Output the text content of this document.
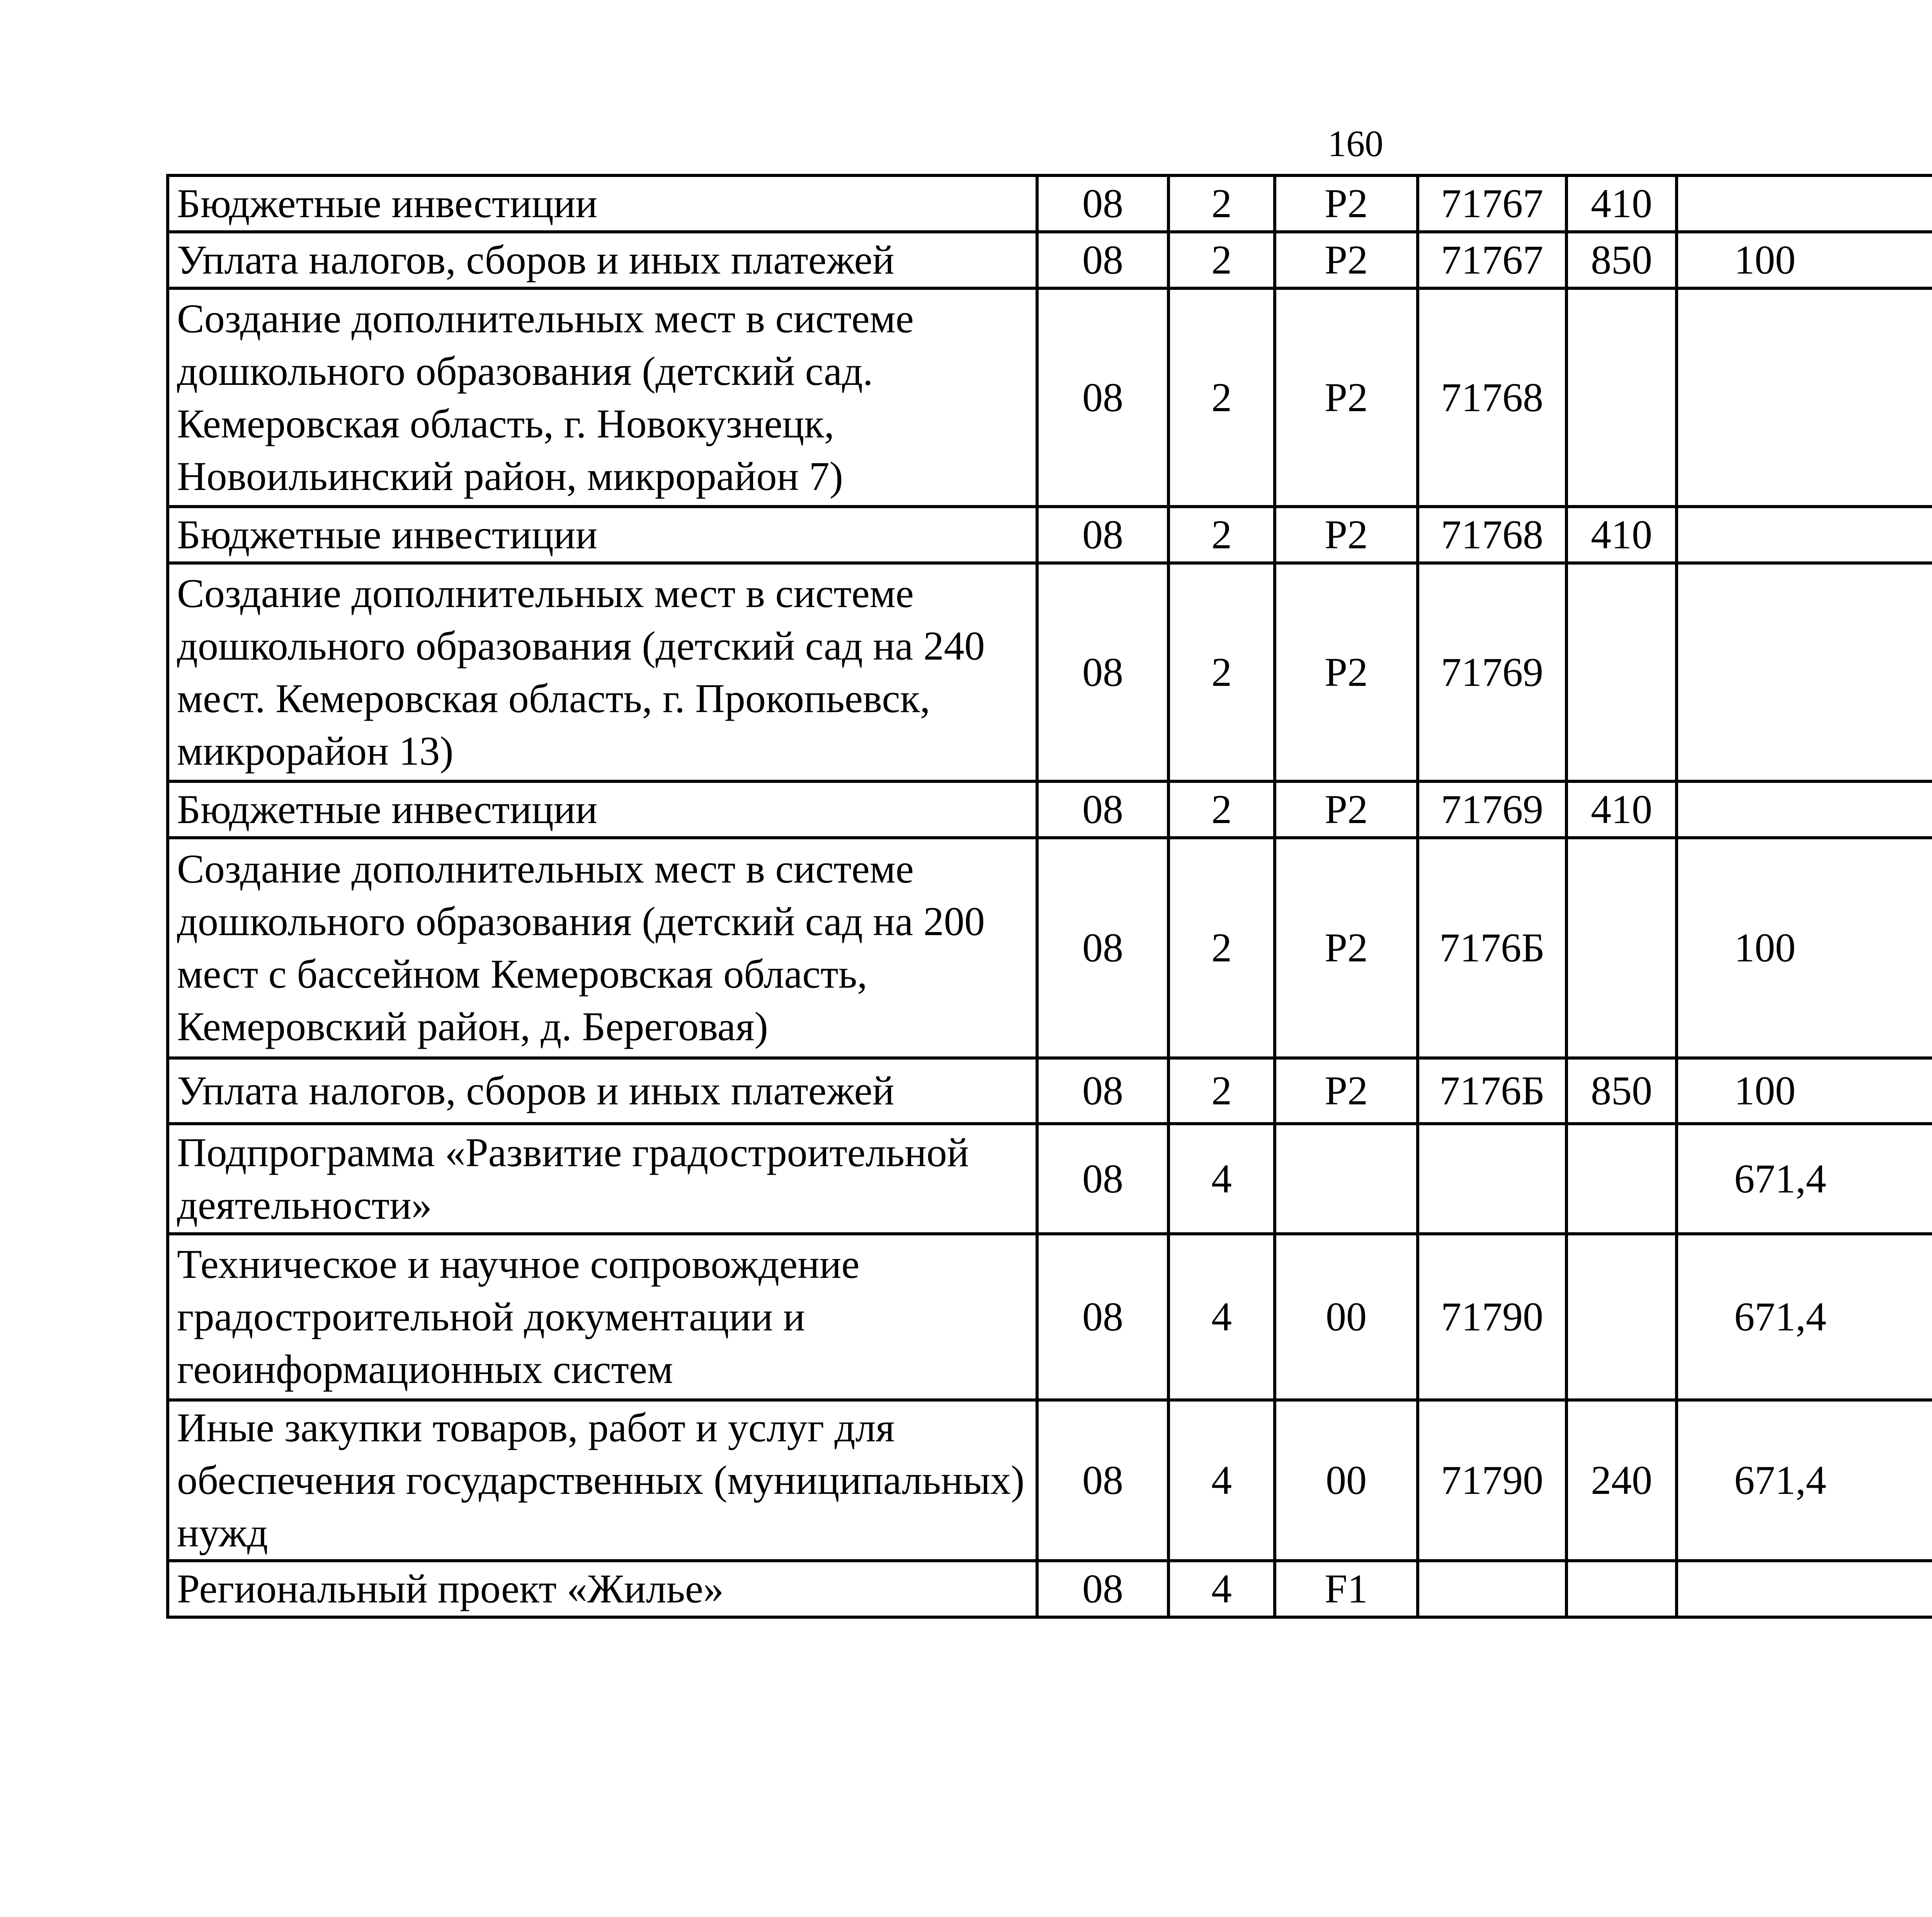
160
Бюджетные инвестиции	08	2	Р2	71767	410			
Уплата налогов, сборов и иных платежей	08	2	Р2	71767	850	100		
Создание дополнительных мест в системе дошкольного образования (детский сад. Кемеровская область, г. Новокузнецк, Новоильинский район, микрорайон 7)	08	2	Р2	71768				
Бюджетные инвестиции	08	2	Р2	71768	410			
Создание дополнительных мест в системе дошкольного образования (детский сад на 240 мест. Кемеровская область, г. Прокопьевск, микрорайон 13)	08	2	Р2	71769				
Бюджетные инвестиции	08	2	Р2	71769	410			
Создание дополнительных мест в системе дошкольного образования (детский сад на 200 мест с бассейном Кемеровская область, Кемеровский район, д. Береговая)	08	2	Р2	7176Б		100		
Уплата налогов, сборов и иных платежей	08	2	Р2	7176Б	850	100		
Подпрограмма «Развитие градостроительной деятельности»	08	4				671,4		
Техническое и научное сопровождение градостроительной документации и геоинформационных систем	08	4	00	71790		671,4		
Иные закупки товаров, работ и услуг для обеспечения государственных (муниципальных) нужд	08	4	00	71790	240	671,4		
Региональный проект «Жилье»	08	4	F1					
